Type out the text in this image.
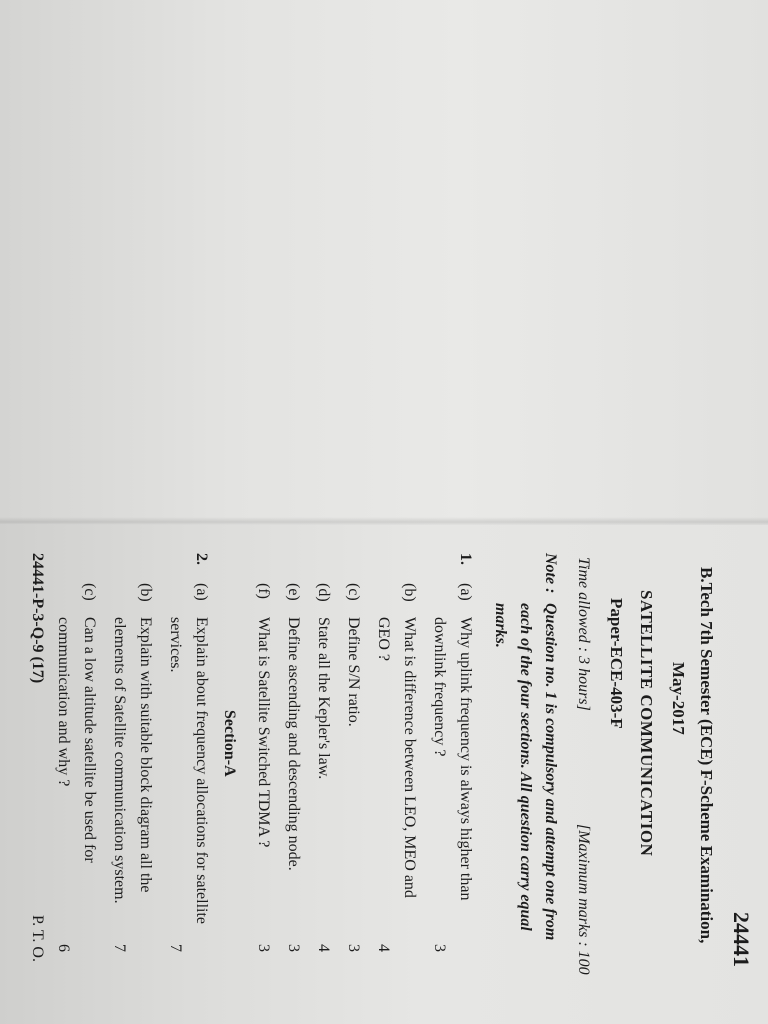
24441
B.Tech 7th Semester (ECE) F-Scheme Examination,
May-2017
SATELLITE COMMUNICATION
Paper-ECE-403-F
Time allowed : 3 hours]
[Maximum marks : 100
Note :
Question no. 1 is compulsory and attempt one from
each of the four sections. All question carry equal
marks.
1.
(a)
Why uplink frequency is always higher than
downlink frequency ?
3
(b)
What is difference between LEO, MEO and
GEO ?
4
(c)
Define S/N ratio.
3
(d)
State all the Kepler's law.
4
(e)
Define ascending and descending node.
3
(f)
What is Satellite Switched TDMA ?
3
Section-A
2.
(a)
Explain about frequency allocations for satellite
services.
7
(b)
Explain with suitable block diagram all the
elements of Satellite communication system.
7
(c)
Can a low altitude satellite be used for
communication and why ?
6
24441-P-3-Q-9 (17)
P. T. O.
